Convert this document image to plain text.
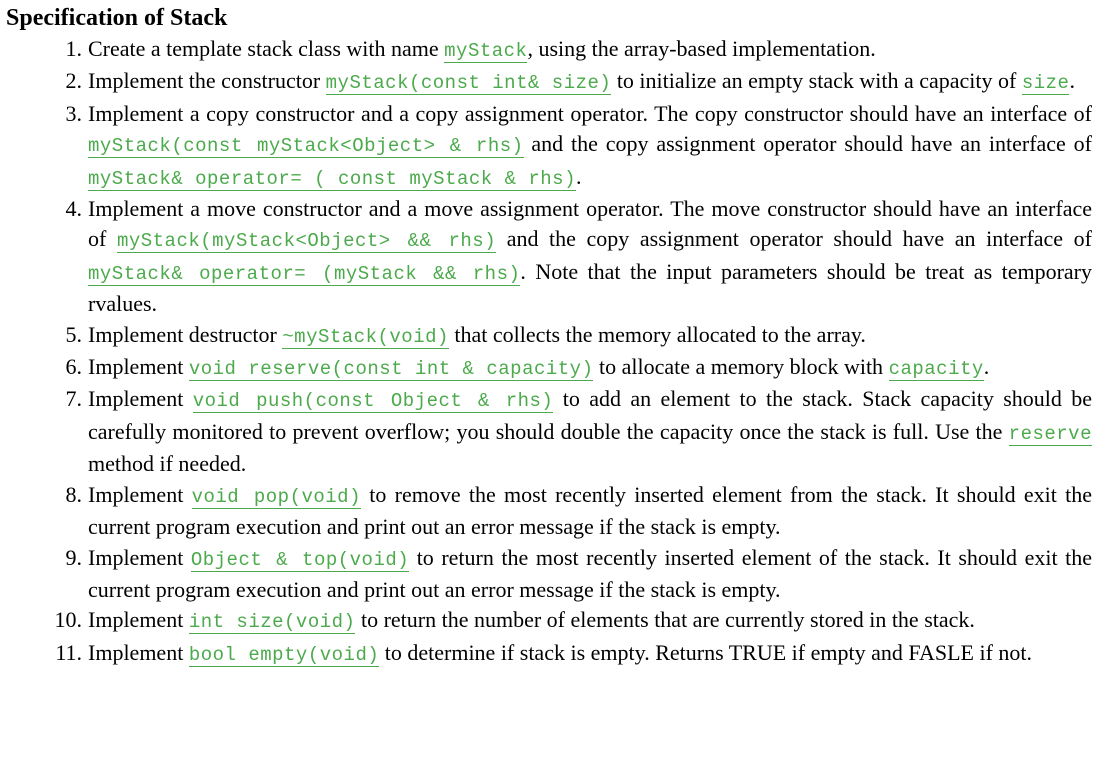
Specification of Stack
1. Create a template stack class with name myStack, using the array-based implementation.
2. Implement the constructor myStack(const int& size) to initialize an empty stack with a capacity of size.
3. Implement a copy constructor and a copy assignment operator. The copy constructor should have an interface of myStack(const myStack<Object> & rhs) and the copy assignment operator should have an interface of myStack& operator= ( const myStack & rhs).
4. Implement a move constructor and a move assignment operator. The move constructor should have an interface of myStack(myStack<Object> && rhs) and the copy assignment operator should have an interface of myStack& operator= (myStack && rhs). Note that the input parameters should be treat as temporary rvalues.
5. Implement destructor ~myStack(void) that collects the memory allocated to the array.
6. Implement void reserve(const int & capacity) to allocate a memory block with capacity.
7. Implement void push(const Object & rhs) to add an element to the stack. Stack capacity should be carefully monitored to prevent overflow; you should double the capacity once the stack is full. Use the reserve method if needed.
8. Implement void pop(void) to remove the most recently inserted element from the stack. It should exit the current program execution and print out an error message if the stack is empty.
9. Implement Object & top(void) to return the most recently inserted element of the stack. It should exit the current program execution and print out an error message if the stack is empty.
10. Implement int size(void) to return the number of elements that are currently stored in the stack.
11. Implement bool empty(void) to determine if stack is empty. Returns TRUE if empty and FASLE if not.
